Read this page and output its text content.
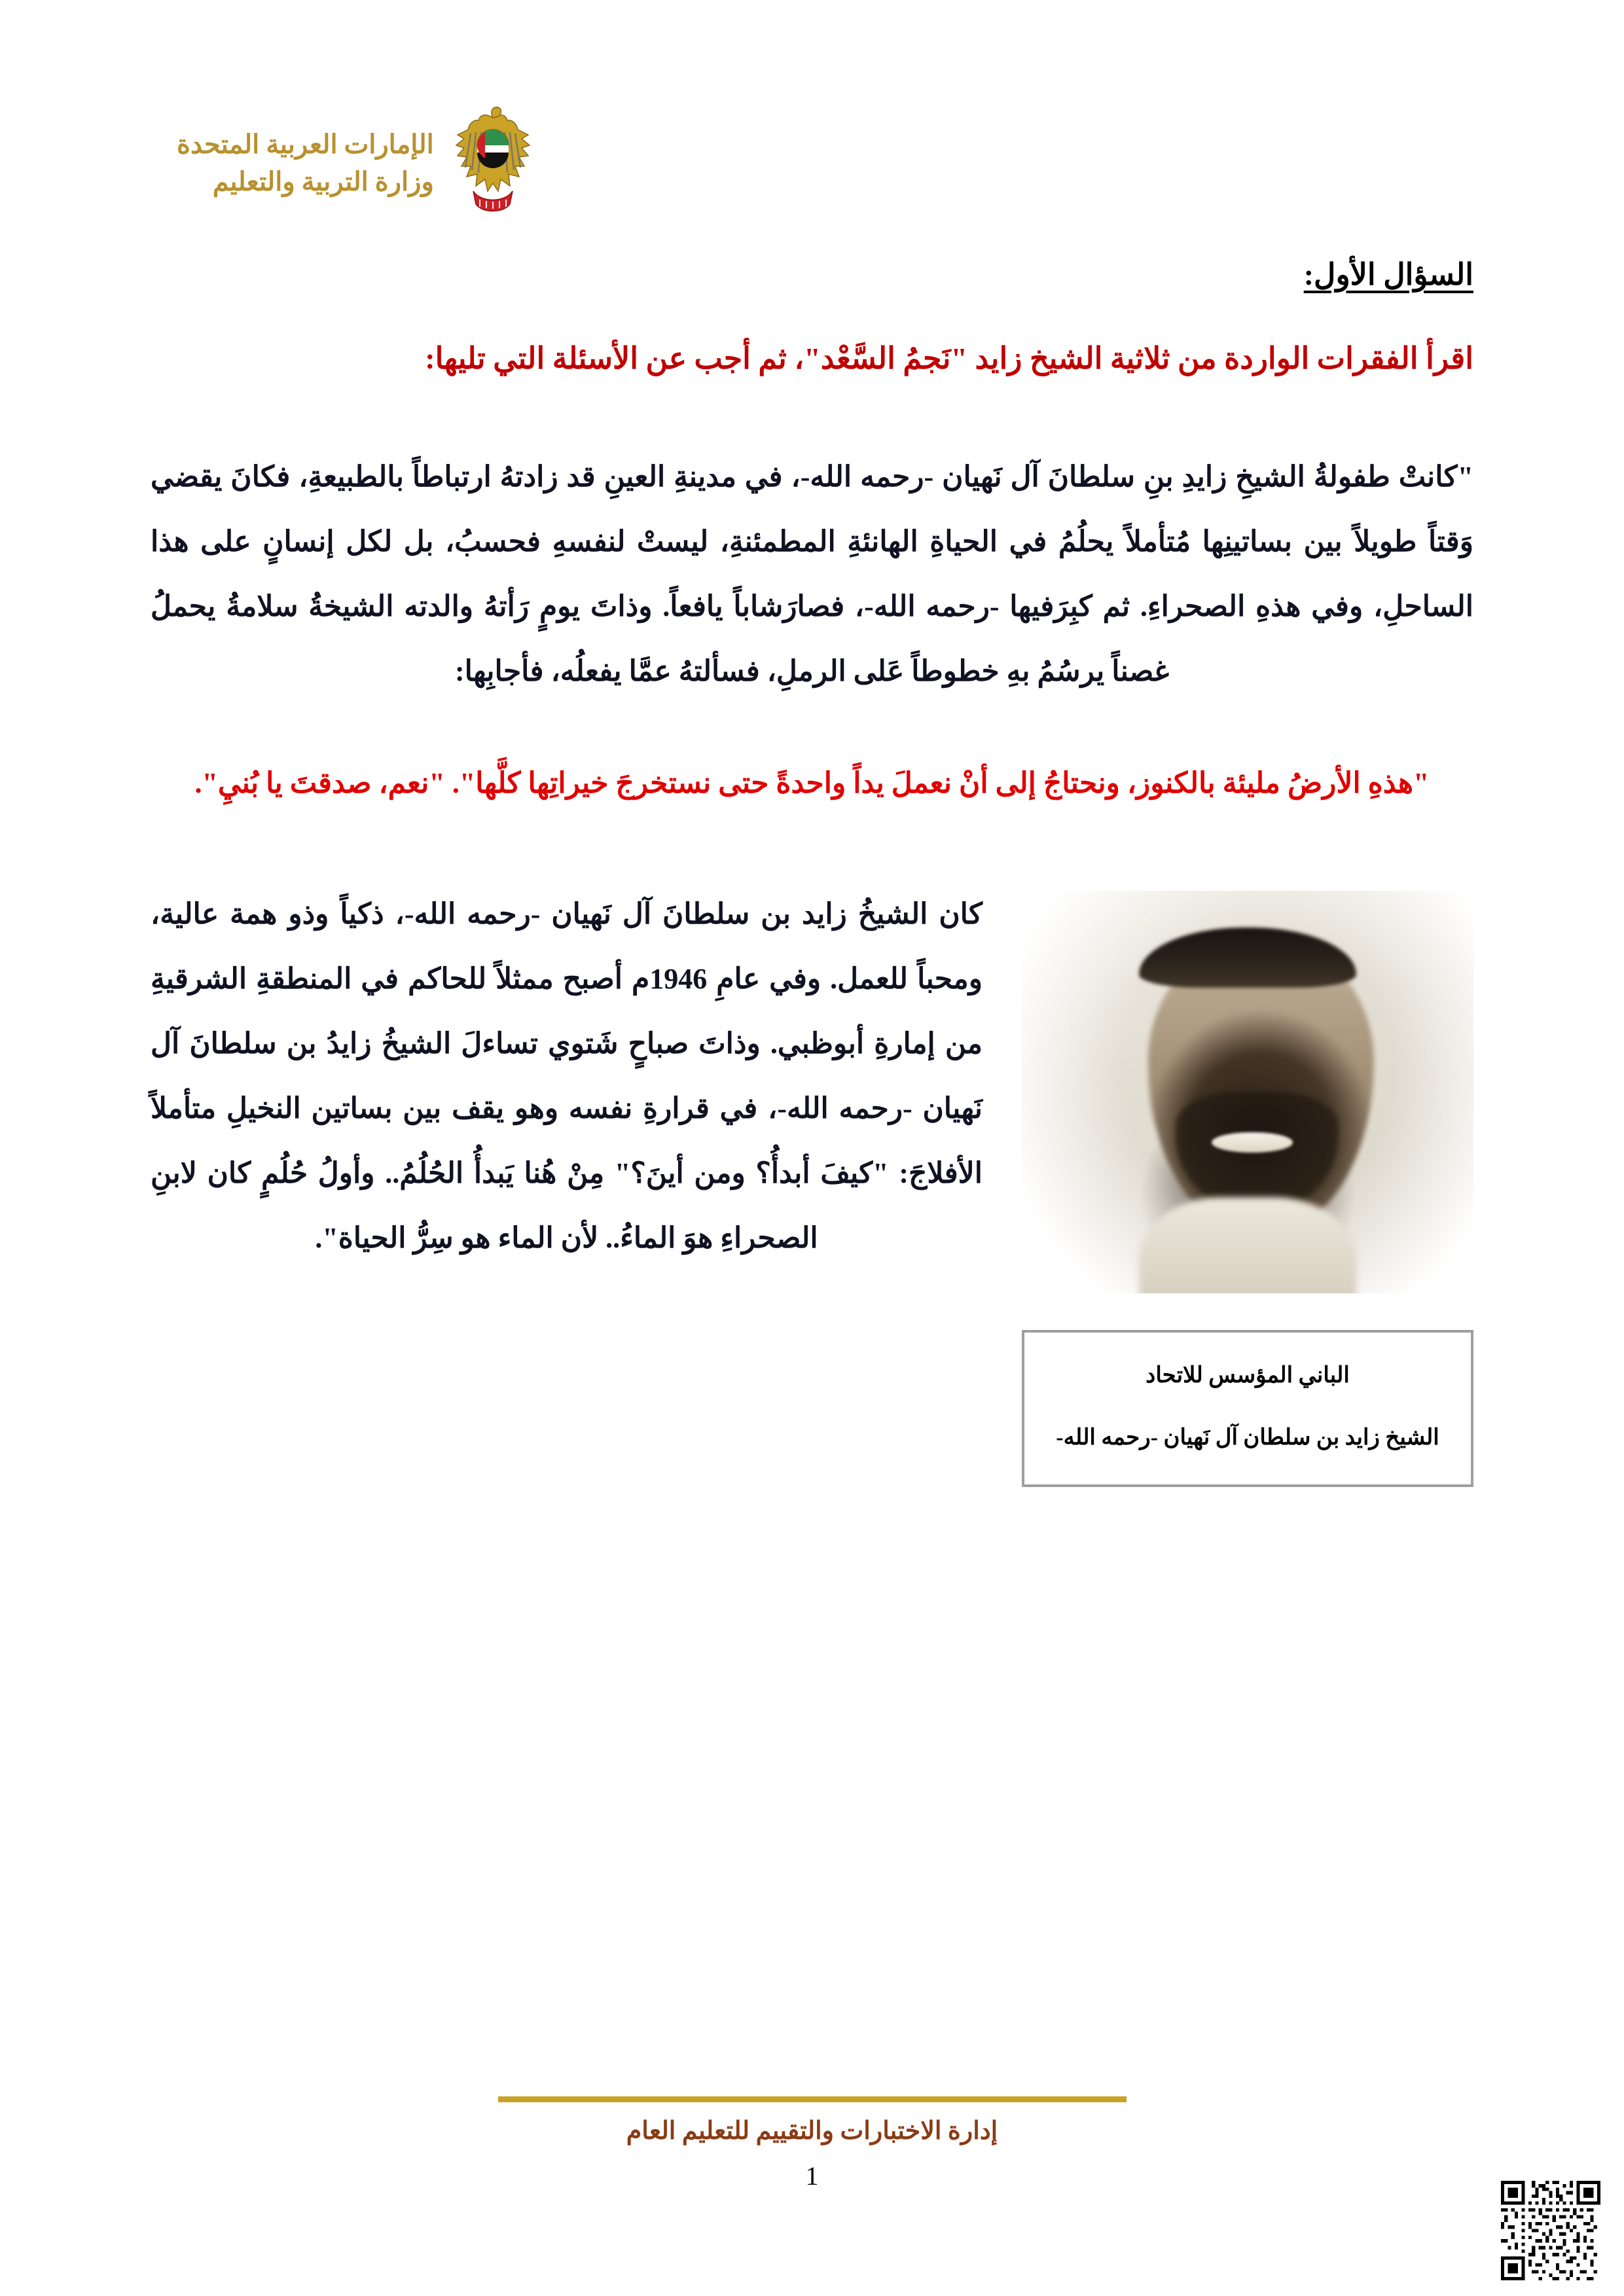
الإمارات العربية المتحدة
وزارة التربية والتعليم
السؤال الأول:

اقرأ الفقرات الواردة من ثلاثية الشيخ زايد "نَجمُ السَّعْد"، ثم أجب عن الأسئلة التي تليها:

"كانتْ طفولةُ الشيخِ زايدِ بنِ سلطانَ آل نَهيان -رحمه الله-، في مدينةِ العينِ قد زادتهُ ارتباطاً بالطبيعةِ، فكانَ يقضي وَقتاً طويلاً بين بساتينِها مُتأملاً يحلُمُ في الحياةِ الهانئةِ المطمئنةِ، ليستْ لنفسهِ فحسبُ، بل لكل إنسانٍ على هذا الساحلِ، وفي هذهِ الصحراءِ. ثم كبِرَفيها -رحمه الله-، فصارَشاباً يافعاً. وذاتَ يومٍ رَأتهُ والدته الشيخةُ سلامةُ يحملُ غصناً يرسُمُ بهِ خطوطاً عَلى الرملِ، فسألتهُ عمَّا يفعلُه، فأجابِها:

"هذهِ الأرضُ مليئة بالكنوز، ونحتاجُ إلى أنْ نعملَ يداً واحدةً حتى نستخرجَ خيراتِها كلَّها". "نعم، صدقتَ يا بُنيِ".

الباني المؤسس للاتحاد
الشيخ زايد بن سلطان آل نَهيان -رحمه الله-

كان الشيخُ زايد بن سلطانَ آل نَهيان -رحمه الله-، ذكياً وذو همة عالية، ومحباً للعمل. وفي عامِ 1946م أصبح ممثلاً للحاكم في المنطقةِ الشرقيةِ من إمارةِ أبوظبي. وذاتَ صباحٍ شَتوي تساءلَ الشيخُ زايدُ بن سلطانَ آل نَهيان -رحمه الله-، في قرارةِ نفسه وهو يقف بين بساتين النخيلِ متأملاً الأفلاجَ: "كيفَ أبدأُ؟ ومن أينَ؟" مِنْ هُنا يَبدأُ الحُلُمُ.. وأولُ حُلُمٍ كان لابنِ الصحراءِ هوَ الماءُ.. لأن الماء هو سِرُّ الحياة".

إدارة الاختبارات والتقييم للتعليم العام
1
